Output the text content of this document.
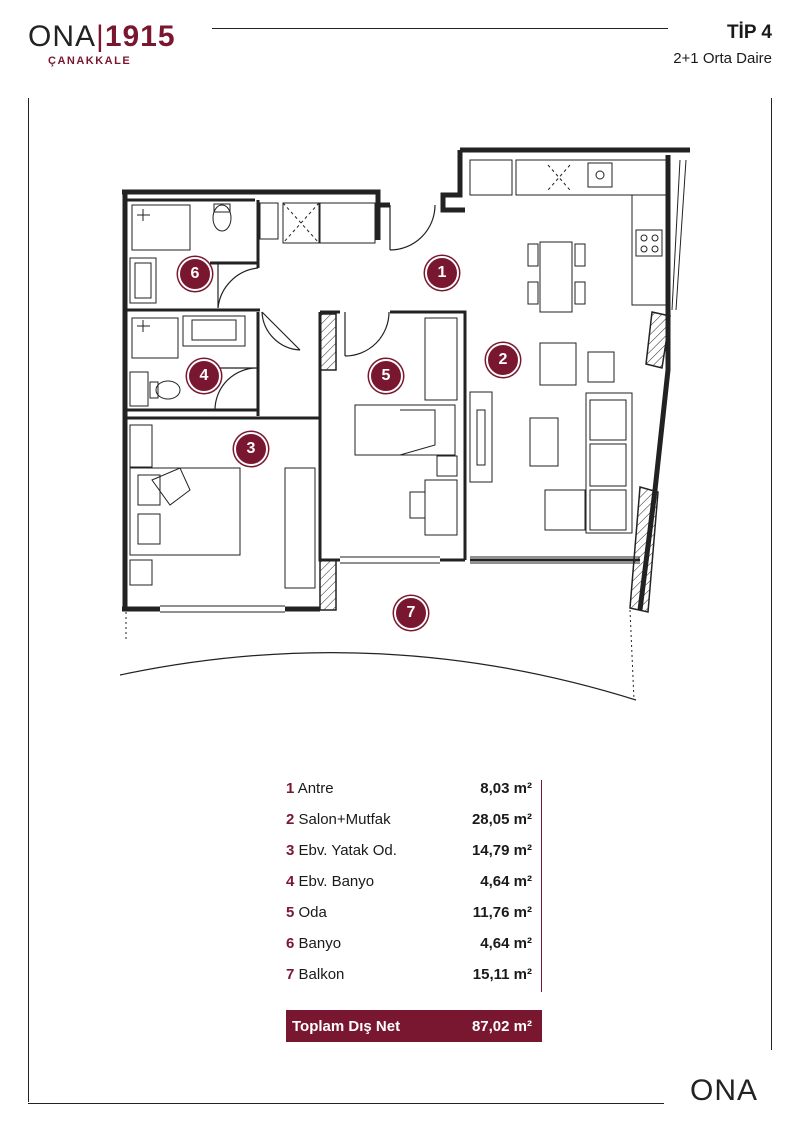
ONA|1915
ÇANAKKALE
TİP 4
2+1 Orta Daire
1
2
3
4	5
6
7
1 Antre	8,03 m²
2 Salon+Mutfak	28,05 m²
3 Ebv. Yatak Od.	14,79 m²
4 Ebv. Banyo	4,64 m²
5 Oda	11,76 m²
6 Banyo	4,64 m²
7 Balkon	15,11 m²
Toplam Dış Net	87,02 m²
ONA
